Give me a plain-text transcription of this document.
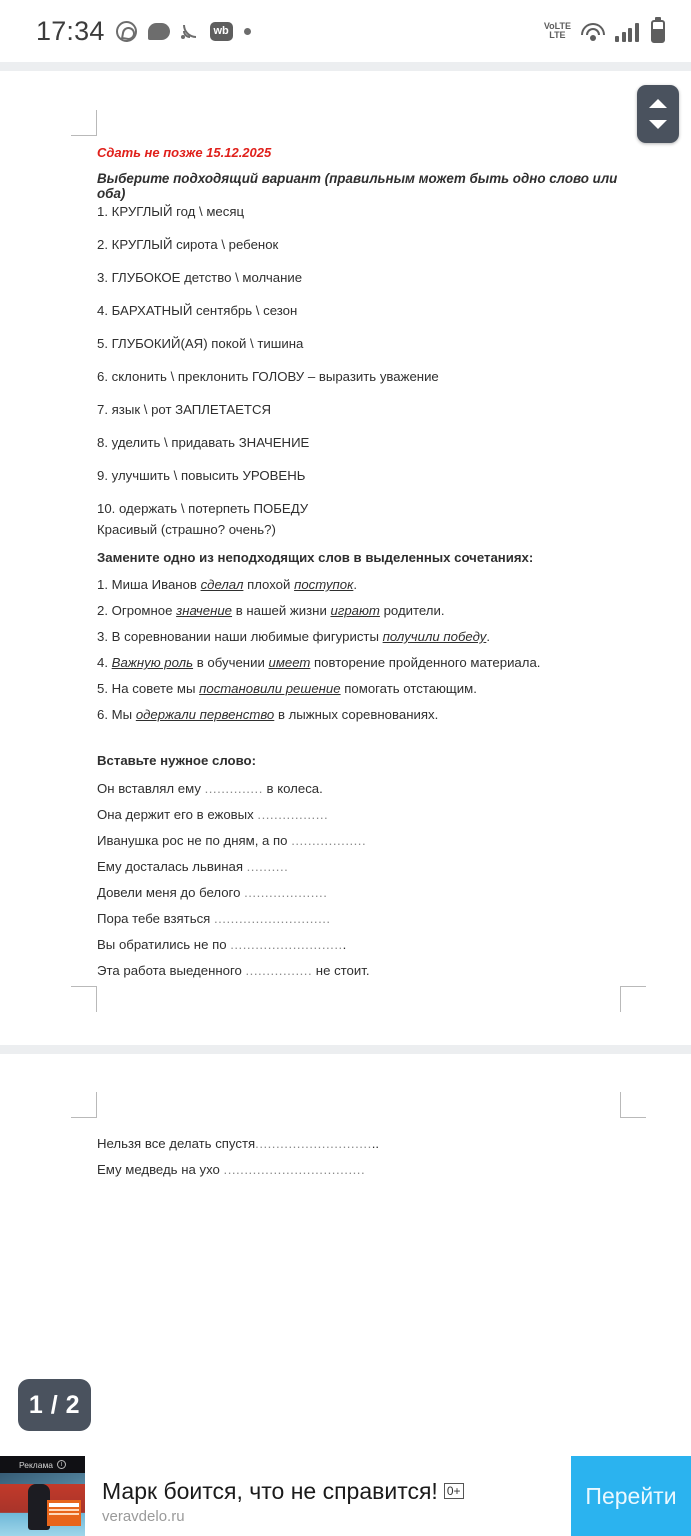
17:34	wb	VoLTE
LTE
Сдать не позже 15.12.2025
Выберите подходящий вариант (правильным может быть одно слово или оба)
1. КРУГЛЫЙ год \ месяц
2. КРУГЛЫЙ сирота \ ребенок
3. ГЛУБОКОЕ детство \ молчание
4. БАРХАТНЫЙ сентябрь \ сезон
5. ГЛУБОКИЙ(АЯ) покой \ тишина
6. склонить \ преклонить ГОЛОВУ – выразить уважение
7. язык \ рот ЗАПЛЕТАЕТСЯ
8. уделить \ придавать ЗНАЧЕНИЕ
9. улучшить \ повысить УРОВЕНЬ
10. одержать \ потерпеть ПОБЕДУ
Красивый (страшно? очень?)
Замените одно из неподходящих слов в выделенных сочетаниях:
1. Миша Иванов сделал плохой поступок.
2. Огромное значение в нашей жизни играют родители.
3. В соревновании наши любимые фигуристы получили победу.
4. Важную роль в обучении имеет повторение пройденного материала.
5. На совете мы постановили решение помогать отстающим.
6. Мы одержали первенство в лыжных соревнованиях.
Вставьте нужное слово:
Он вставлял ему .............. в колеса.
Она держит его в ежовых .................
Иванушка рос не по дням, а по ..................
Ему досталась львиная ..........
Довели меня до белого ....................
Пора тебе взяться ............................
Вы обратились не по ............................
Эта работа выеденного ................ не стоит.
Нельзя все делать спустя..............................
Ему медведь на ухо ..................................
1 / 2
Реклама	i
Марк боится, что не справится! 0+
veravdelo.ru
Перейти
